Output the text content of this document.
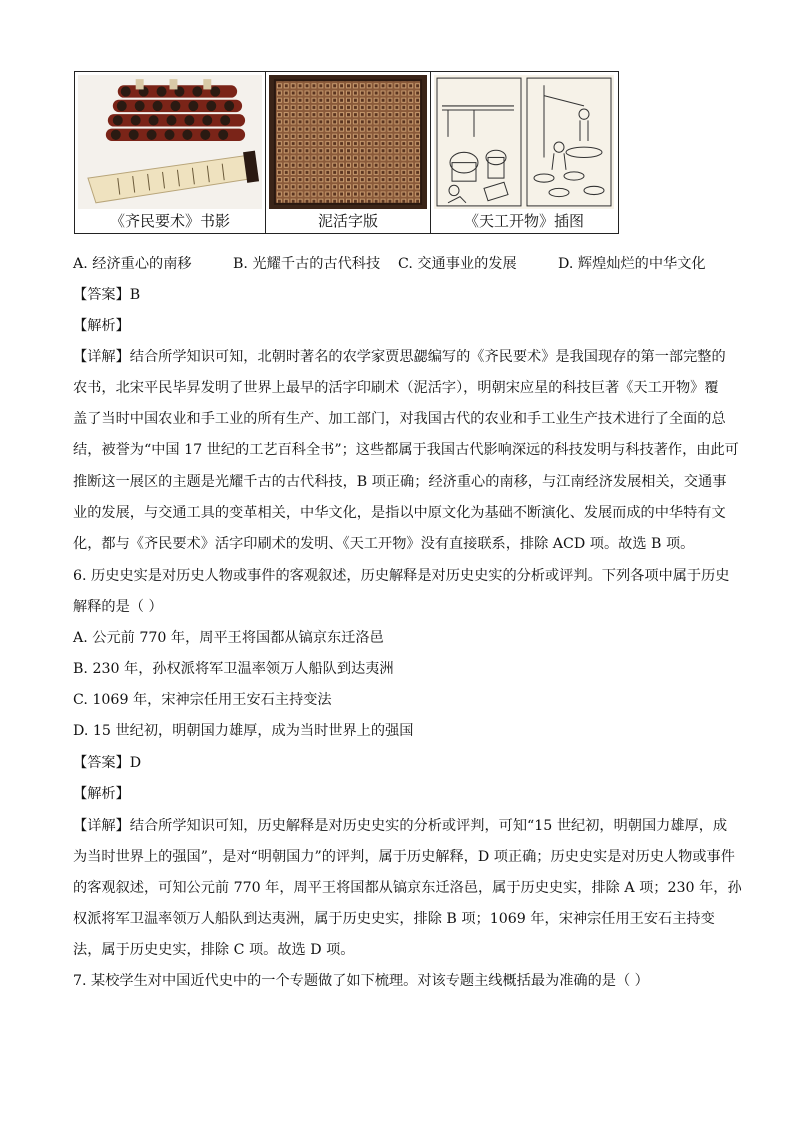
《齐民要术》书影	泥活字版	《天工开物》插图
A. 经济重心的南移	B. 光耀千古的古代科技 C. 交通事业的发展	D. 辉煌灿烂的中华文化
【答案】B
【解析】
【详解】结合所学知识可知，北朝时著名的农学家贾思勰编写的《齐民要术》是我国现存的第一部完整的
农书，北宋平民毕昇发明了世界上最早的活字印刷术（泥活字），明朝宋应星的科技巨著《天工开物》覆
盖了当时中国农业和手工业的所有生产、加工部门，对我国古代的农业和手工业生产技术进行了全面的总
结，被誉为“中国 17 世纪的工艺百科全书”；这些都属于我国古代影响深远的科技发明与科技著作，由此可
推断这一展区的主题是光耀千古的古代科技，B 项正确；经济重心的南移，与江南经济发展相关，交通事
业的发展，与交通工具的变革相关，中华文化，是指以中原文化为基础不断演化、发展而成的中华特有文
化，都与《齐民要术》活字印刷术的发明、《天工开物》没有直接联系，排除 ACD 项。故选 B 项。
6. 历史史实是对历史人物或事件的客观叙述，历史解释是对历史史实的分析或评判。下列各项中属于历史
解释的是（ ）
A. 公元前 770 年，周平王将国都从镐京东迁洛邑
B. 230 年，孙权派将军卫温率领万人船队到达夷洲
C. 1069 年，宋神宗任用王安石主持变法
D. 15 世纪初，明朝国力雄厚，成为当时世界上的强国
【答案】D
【解析】
【详解】结合所学知识可知，历史解释是对历史史实的分析或评判，可知“15 世纪初，明朝国力雄厚，成
为当时世界上的强国”，是对“明朝国力”的评判，属于历史解释，D 项正确；历史史实是对历史人物或事件
的客观叙述，可知公元前 770 年，周平王将国都从镐京东迁洛邑，属于历史史实，排除 A 项；230 年，孙
权派将军卫温率领万人船队到达夷洲，属于历史史实，排除 B 项；1069 年，宋神宗任用王安石主持变
法，属于历史史实，排除 C 项。故选 D 项。
7. 某校学生对中国近代史中的一个专题做了如下梳理。对该专题主线概括最为准确的是（ ）
